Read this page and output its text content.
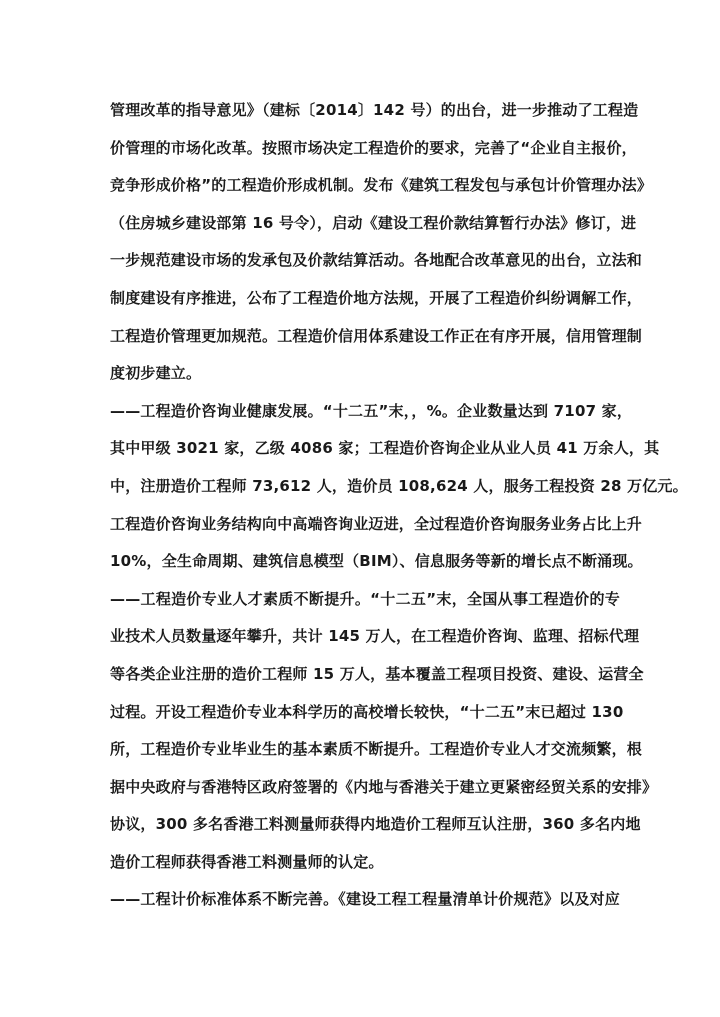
管理改革的指导意见》（建标〔2014〕142 号）的出台，进一步推动了工程造
价管理的市场化改革。按照市场决定工程造价的要求，完善了“企业自主报价，
竞争形成价格”的工程造价形成机制。发布《建筑工程发包与承包计价管理办法》
（住房城乡建设部第 16 号令），启动《建设工程价款结算暂行办法》修订，进
一步规范建设市场的发承包及价款结算活动。各地配合改革意见的出台，立法和
制度建设有序推进，公布了工程造价地方法规，开展了工程造价纠纷调解工作，
工程造价管理更加规范。工程造价信用体系建设工作正在有序开展，信用管理制
度初步建立。
——工程造价咨询业健康发展。“十二五”末，，%。企业数量达到 7107 家，
其中甲级 3021 家，乙级 4086 家；工程造价咨询企业从业人员 41 万余人，其
中，注册造价工程师 73,612 人，造价员 108,624 人，服务工程投资 28 万亿元。
工程造价咨询业务结构向中高端咨询业迈进，全过程造价咨询服务业务占比上升
10%，全生命周期、建筑信息模型（BIM）、信息服务等新的增长点不断涌现。
——工程造价专业人才素质不断提升。“十二五”末，全国从事工程造价的专
业技术人员数量逐年攀升，共计 145 万人，在工程造价咨询、监理、招标代理
等各类企业注册的造价工程师 15 万人，基本覆盖工程项目投资、建设、运营全
过程。开设工程造价专业本科学历的高校增长较快，“十二五”末已超过 130
所，工程造价专业毕业生的基本素质不断提升。工程造价专业人才交流频繁，根
据中央政府与香港特区政府签署的《内地与香港关于建立更紧密经贸关系的安排》
协议，300 多名香港工料测量师获得内地造价工程师互认注册，360 多名内地
造价工程师获得香港工料测量师的认定。
——工程计价标准体系不断完善。《建设工程工程量清单计价规范》以及对应
